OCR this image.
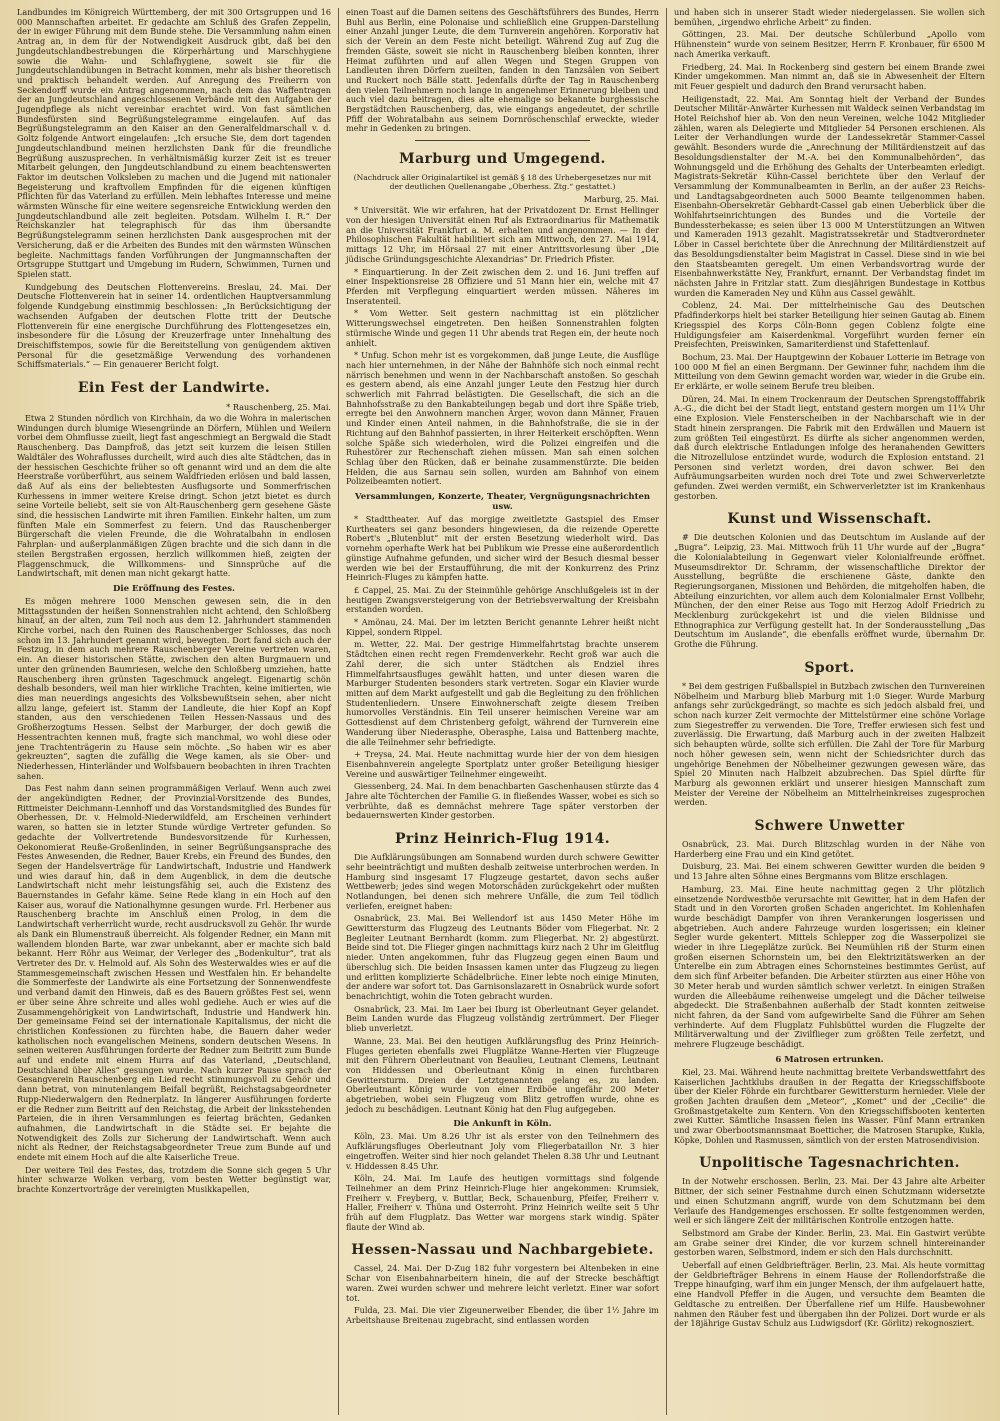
Landbundes im Königreich Württemberg, der mit 300 Ortsgruppen und 16 000 Mannschaften arbeitet. Er gedachte am Schluß des Grafen Zeppelin, der in ewiger Führung mit dem Bunde stehe. Die Versammlung nahm einen Antrag an, in dem für der Notwendigkeit Ausdruck gibt, daß bei den Jungdeutschlandbestrebungen die Körperhärtung und Marschhygiene sowie die Wahn- und Schlafhygiene, soweit sie für die Jungdeutschlandübungen in Betracht kommen, mehr als bisher theoretisch und praktisch behandelt werden. Auf Anregung des Freiherrn von Seckendorff wurde ein Antrag angenommen, nach dem das Waffentragen der an Jungdeutschland angeschlossenen Verbände mit den Aufgaben der Jugendpflege als nicht vereinbar erachtet wird. Von fast sämtlichen Bundesfürsten sind Begrüßungstelegramme eingelaufen. Auf das Begrüßungstelegramm an den Kaiser an den Generalfeldmarschall v. d. Goltz folgende Antwort eingelaufen: „Ich ersuche Sie, dem dort tagenden Jungdeutschlandbund meinen herzlichsten Dank für die freundliche Begrüßung auszusprechen. In verhältnismäßig kurzer Zeit ist es treuer Mitarbeit gelungen, den Jungdeutschlandbund zu einem beachtenswerten Faktor im deutschen Volksleben zu machen und die Jugend mit nationaler Begeisterung und kraftvollem Empfinden für die eigenen künftigen Pflichten für das Vaterland zu erfüllen. Mein lebhaftes Interesse und meine wärmsten Wünsche für eine weitere segensreiche Entwicklung werden den Jungdeutschlandbund alle zeit begleiten. Potsdam. Wilhelm I. R.“ Der Reichskanzler hat telegraphisch für das ihm übersandte Begrüßungstelegramm seinen herzlichsten Dank ausgesprochen mit der Versicherung, daß er die Arbeiten des Bundes mit den wärmsten Wünschen begleite. Nachmittags fanden Vorführungen der Jungmannschaften der Ortsgruppe Stuttgart und Umgebung im Rudern, Schwimmen, Turnen und Spielen statt.

Kundgebung des Deutschen Flottenvereins. Breslau, 24. Mai. Der Deutsche Flottenverein hat in seiner 14. ordentlichen Hauptversammlung folgende Kundgebung einstimmig beschlossen: „In Berücksichtigung der wachsenden Aufgaben der deutschen Flotte tritt der Deutsche Flottenverein für eine energische Durchführung des Flottengesetzes ein, insbesondere für die Lösung der Kreuzerfrage unter Innehaltung des Dreischiffstempos, sowie für die Bereitstellung von genügendem aktiven Personal für die gesetzmäßige Verwendung des vorhandenen Schiffsmaterials.“ — Ein genauerer Bericht folgt.

Ein Fest der Landwirte.
* Rauschenberg, 25. Mai.

Etwa 2 Stunden nördlich von Kirchhain, da wo die Wohra in malerischen Windungen durch blumige Wiesengründe an Dörfern, Mühlen und Weilern vorbei dem Ohmflusse zueilt, liegt fast angeschmiegt an Bergwald die Stadt Rauschenberg. Das Dampfroß, das jetzt seit kurzem die leisen Stillen Waldtäler des Wohraflusses durcheilt, wird auch dies alte Städtchen, das in der hessischen Geschichte früher so oft genannt wird und an dem die alte Heerstraße vorüberführt, aus seinem Waldfrieden erlösen und bald lassen, daß Auf als eins der beliebtesten Ausflugsorte und Sommerfrischen Kurhessens in immer weitere Kreise dringt. Schon jetzt bietet es durch seine Vorteile beliebt, seit sie von Alt-Rauschenberg gern gesehene Gäste sind, die hessischen Landwirte mit ihren Familien. Einkehr halten, um zum fünften Male ein Sommerfest zu feiern. Und das Rauschenberger Bürgerschaft die vielen Freunde, die die Wohratalbahn in endlosen Fahrplan- und außerplanmäßigen Zügen brachte und die sich dann in die steilen Bergstraßen ergossen, herzlich willkommen hieß, zeigten der Flaggenschmuck, die Willkommens- und Sinnsprüche auf die Landwirtschaft, mit denen man nicht gekargt hatte.

Die Eröffnung des Festes.

Es mögen mehrere 1000 Menschen gewesen sein, die in den Mittagsstunden der heißen Sonnenstrahlen nicht achtend, den Schloßberg hinauf, an der alten, zum Teil noch aus dem 12. Jahrhundert stammenden Kirche vorbei, nach den Ruinen des Rauschenberger Schlosses, das noch schon im 13. Jahrhundert genannt wird, bewegten. Dort fand sich auch der Festzug, in dem auch mehrere Rauschenberger Vereine vertreten waren, ein. An dieser historischen Stätte, zwischen den alten Burgmauern und unter den grünenden Baumriesen, welche den Schloßberg umziehen, hatte Rauschenberg ihren grünsten Tageschmuck angelegt. Eigenartig schön deshalb besonders, weil man hier wirkliche Trachten, keine imitierten, wie dies man neuerdings angesichts des Volksbewußtsein sehen, aber nicht allzu lange, gefeiert ist. Stamm der Landleute, die hier Kopf an Kopf standen, aus den verschiedenen Teilen Hessen-Nassaus und des Großherzogtums Hessen. Selbst der Marburger, der doch gewiß die Hessentrachten kennen muß, fragte sich manchmal, wo wohl diese oder jene Trachtenträgerin zu Hause sein möchte. „So haben wir es aber gekreuzten“, sagten die zufällig die Wege kamen, als sie Ober- und Niederhessen, Hinterländer und Wolfsbauern beobachten in ihren Trachten sahen.

Das Fest nahm dann seinen programmäßigen Verlauf. Wenn auch zwei der angekündigten Redner, der Provinzial-Vorsitzende des Bundes, Rittmeister Deichmann-Lennhoff und das Vorstandsmitglied des Bundes für Oberhessen, Dr. v. Helmold-Niederwildfeld, am Erscheinen verhindert waren, so hatten sie in letzter Stunde würdige Vertreter gefunden. So gedachte der Vollvertretende Bundesvorsitzende für Kurhessen, Oekonomierat Reuße-Großenlinden, in seiner Begrüßungsansprache des Festes Anwesenden, die Redner, Bauer Krebs, ein Freund des Bundes, den Segen der Handelsverträge für Landwirtschaft, Industrie und Handwerk und wies darauf hin, daß in dem Augenblick, in dem die deutsche Landwirtschaft nicht mehr leistungsfähig sei, auch die Existenz des Bauernstandes in Gefahr käme. Seine Rede klang in ein Hoch auf den Kaiser aus, worauf die Nationalhymne gesungen wurde. Frl. Herbener aus Rauschenberg brachte im Anschluß einen Prolog, in dem die Landwirtschaft verherrlicht wurde, recht ausdrucksvoll zu Gehör. Ihr wurde als Dank ein Blumenstrauß überreicht. Als folgender Redner, ein Mann mit wallendem blonden Barte, war zwar unbekannt, aber er machte sich bald bekannt. Herr Röhr aus Weimar, der Verleger des „Bodenkultur“, trat als Vertreter des Dr. v. Helmold auf. Als Sohn des Westerwaldes wies er auf die Stammesgemeinschaft zwischen Hessen und Westfalen hin. Er behandelte die Sommerfeste der Landwirte als eine Fortsetzung der Sonnenwendfeste und verband damit den Hinweis, daß es des Bauern größtes Fest sei, wenn er über seine Ähre schreite und alles wohl gediehe. Auch er wies auf die Zusammengehörigkeit von Landwirtschaft, Industrie und Handwerk hin. Der gemeinsame Feind sei der internationale Kapitalismus, der nicht die christlichen Konfessionen zu fürchten habe, die Bauern daher weder katholischen noch evangelischen Meinens, sondern deutschen Wesens. In seinen weiteren Ausführungen forderte der Redner zum Beitritt zum Bunde auf und endete mit einem Hurra auf das Vaterland, „Deutschland, Deutschland über Alles“ gesungen wurde. Nach kurzer Pause sprach der Gesangverein Rauschenberg ein Lied recht stimmungsvoll zu Gehör und dann betrat, von minutenlangem Beifall begrüßt, Reichstagsabgeordneter Rupp-Niederwalgern den Rednerplatz. In längerer Ausführungen forderte er die Redner zum Beitritt auf den Reichstag, die Arbeit der linksstehenden Parteien, die in ihren Versammlungen es feiertag brächten, Gedanken aufnahmen, die Landwirtschaft in die Städte sei. Er bejahte die Notwendigkeit des Zolls zur Sicherung der Landwirtschaft. Wenn auch nicht als Redner, der Reichstagsabgeordneter Treue zum Bunde auf und endete mit einem Hoch auf die alte Kaiserliche Treue.

Der weitere Teil des Festes, das, trotzdem die Sonne sich gegen 5 Uhr hinter schwarze Wolken verbarg, vom besten Wetter begünstigt war, brachte Konzertvorträge der vereinigten Musikkapellen,

einen Toast auf die Damen seitens des Geschäftsführers des Bundes, Herrn Buhl aus Berlin, eine Polonaise und schließlich eine Gruppen-Darstellung einer Anzahl junger Leute, die dem Turnverein angehören. Korporativ hat sich der Verein an dem Feste nicht beteiligt. Während Zug auf Zug die fremden Gäste, soweit sie nicht in Rauschenberg bleiben konnten, ihrer Heimat zuführten und auf allen Wegen und Stegen Gruppen von Landleuten ihren Dörfern zueilten, fanden in den Tanzsälen von Seibert und Ruckert noch Bälle statt. Jedenfalls dürfte der Tag in Rauschenberg den vielen Teilnehmern noch lange in angenehmer Erinnerung bleiben und auch viel dazu beitragen, dies alte ehemalige so bekannte burghessische Bergstädtchen Rauschenberg, das, wie eingangs angedeutet, der schrille Pfiff der Wohratalbahn aus seinem Dornröschenschlaf erweckte, wieder mehr in Gedenken zu bringen.

Marburg und Umgegend.

(Nachdruck aller Originalartikel ist gemäß § 18 des Urhebergesetzes nur mit der deutlichen Quellenangabe „Oberhess. Ztg.“ gestattet.)

Marburg, 25. Mai.

* Universität. Wie wir erfahren, hat der Privatdozent Dr. Ernst Hellinger von der hiesigen Universität einen Ruf als Extraordinarius für Mathematik an die Universität Frankfurt a. M. erhalten und angenommen. — In der Philosophischen Fakultät habilitiert sich am Mittwoch, den 27. Mai 1914, mittags 12 Uhr, im Hörsaal 27 mit einer Antrittsvorlesung über „Die jüdische Gründungsgeschichte Alexandrias“ Dr. Friedrich Pfister.

* Einquartierung. In der Zeit zwischen dem 2. und 16. Juni treffen auf einer Inspektionsreise 28 Offiziere und 51 Mann hier ein, welche mit 47 Pferden mit Verpflegung einquartiert werden müssen. Näheres im Inseratenteil.

* Vom Wetter. Seit gestern nachmittag ist ein plötzlicher Witterungswechsel eingetreten. Den heißen Sonnenstrahlen folgten stürmische Winde und gegen 11 Uhr abends trat Regen ein, der heute noch anhielt.

* Unfug. Schon mehr ist es vorgekommen, daß junge Leute, die Ausflüge nach hier unternehmen, in der Nähe der Bahnhöfe sich noch einmal recht närrisch benehmen und wenn in der Nachbarschaft anstoßen. So geschah es gestern abend, als eine Anzahl junger Leute den Festzug hier durch schwerlich mit Fahrrad belästigten. Die Gesellschaft, die sich an die Bahnhofsstraße zu den Bankabteilungen begab und dort ihre Späße trieb, erregte bei den Anwohnern manchen Ärger, wovon dann Männer, Frauen und Kinder einen Anteil nahmen, in die Bahnhofstraße, die sie in der Richtung auf den Bahnhof passierten, in ihrer Heiterkeit erschöpften. Wenn solche Späße sich wiederholen, wird die Polizei eingreifen und die Ruhestörer zur Rechenschaft ziehen müssen. Man sah einen solchen Schlag über den Rücken, daß er beinahe zusammenstürzte. Die beiden Helden, die aus Sarnau sein sollen, wurden am Bahnhof von einem Polizeibeamten notiert.

Versammlungen, Konzerte, Theater, Vergnügungsnachrichten usw.

* Stadttheater. Auf das morgige zweitletzte Gastspiel des Emser Kurtheaters sei ganz besonders hingewiesen, da die reizende Operette Robert's „Blutenblut“ mit der ersten Besetzung wiederholt wird. Das vornehm operhafte Werk hat bei Publikum wie Presse eine außerordentlich günstige Aufnahme gefunden, und sicher wird der Besuch diesmal besser werden wie bei der Erstaufführung, die mit der Konkurrenz des Prinz Heinrich-Fluges zu kämpfen hatte.

£ Cappel, 25. Mai. Zu der Steinmühle gehörige Anschlußgeleis ist in der heutigen Zwangsversteigerung von der Betriebsverwaltung der Kreisbahn erstanden worden.

* Amönau, 24. Mai. Der im letzten Bericht genannte Lehrer heißt nicht Kippel, sondern Rippel.

m. Wetter, 22. Mai. Der gestrige Himmelfahrtstag brachte unserem Städtchen einen recht regen Fremdenverkehr. Recht groß war auch die Zahl derer, die sich unter Städtchen als Endziel ihres Himmelfahrtsausfluges gewählt hatten, und unter diesen waren die Marburger Studenten besonders stark vertreten. Sogar ein Klavier wurde mitten auf dem Markt aufgestellt und gab die Begleitung zu den fröhlichen Studentenliedern. Unsere Einwohnerschaft zeigte diesem Treiben humorvolles Verständnis. Ein Teil unserer heimischen Vereine war am Gottesdienst auf dem Christenberg gefolgt, während der Turnverein eine Wanderung über Niederasphe, Oberasphe, Laisa und Battenberg machte, die alle Teilnehmer sehr befriedigte.

+ Treysa, 24. Mai. Heute nachmittag wurde hier der von dem hiesigen Eisenbahnverein angelegte Sportplatz unter großer Beteiligung hiesiger Vereine und auswärtiger Teilnehmer eingeweiht.

Giessenberg, 24. Mai. In dem benachbarten Gaschenhausen stürzte das 4 Jahre alte Töchterchen der Familie G. in fließendes Wasser, wobei es sich so verbrühte, daß es demnächst mehrere Tage später verstorben der bedauernswerten Kinder gestorben.

Prinz Heinrich-Flug 1914.

Die Aufklärungsübungen am Sonnabend wurden durch schwere Gewitter sehr beeinträchtigt und mußten deshalb zeitweise unterbrochen werden. In Hamburg sind insgesamt 17 Flugzeuge gestartet, davon sechs außer Wettbewerb; jedes sind wegen Motorschäden zurückgekehrt oder mußten Notlandungen, bei denen sich mehrere Unfälle, die zum Teil tödlich verliefen, ereignet haben:

Osnabrück, 23. Mai. Bei Wellendorf ist aus 1450 Meter Höhe im Gewittersturm das Flugzeug des Leutnants Böder vom Fliegerbat. Nr. 2 Begleiter Leutnant Bernhardt (komm. zum Fliegerbat. Nr. 2) abgestürzt. Beide sind tot. Die Flieger gingen nachmittags kurz nach 2 Uhr im Gleitflug nieder. Unten angekommen, fuhr das Flugzeug gegen einen Baum und überschlug sich. Die beiden Insassen kamen unter das Flugzeug zu liegen und erlitten komplizierte Schädelbrüche. Einer lebte noch einige Minuten, der andere war sofort tot. Das Garnisonslazarett in Osnabrück wurde sofort benachrichtigt, wohin die Toten gebracht wurden.

Osnabrück, 23. Mai. Im Laer bei Iburg ist Oberleutnant Geyer gelandet. Beim Landen wurde das Flugzeug vollständig zertrümmert. Der Flieger blieb unverletzt.

Wanne, 23. Mai. Bei den heutigen Aufklärungsflug des Prinz Heinrich-Fluges gerieten ebenfalls zwei Flugplätze Wanne-Herten vier Flugzeuge mit den Führern Oberleutnant von Beaulieu, Leutnant Clemens, Leutnant von Hiddessen und Oberleutnant König in einen furchtbaren Gewittersturm. Dreien der Letztgenannten gelang es, zu landen. Oberleutnant König wurde von einer Erdböe ungefähr 200 Meter abgetrieben, wobei sein Flugzeug vom Blitz getroffen wurde, ohne es jedoch zu beschädigen. Leutnant König hat den Flug aufgegeben.

Die Ankunft in Köln.

Köln, 23. Mai. Um 8.26 Uhr ist als erster von den Teilnehmern des Aufklärungsfluges Oberleutnant Joly vom Fliegerbataillon Nr. 3 hier eingetroffen. Weiter sind hier noch gelandet Thelen 8.38 Uhr und Leutnant v. Hiddessen 8.45 Uhr.

Köln, 24. Mai. Im Laufe des heutigen vormittags sind folgende Teilnehmer an dem Prinz Heinrich-Fluge hier angekommen: Krumsiek, Freiherr v. Freyberg, v. Buttlar, Beck, Schauenburg, Pfeifer, Freiherr v. Haller, Freiherr v. Thüna und Osterroht. Prinz Heinrich weilte seit 5 Uhr früh auf dem Flugplatz. Das Wetter war morgens stark windig. Später flaute der Wind ab.

Hessen-Nassau und Nachbargebiete.

Cassel, 24. Mai. Der D-Zug 182 fuhr vorgestern bei Altenbeken in eine Schar von Eisenbahnarbeitern hinein, die auf der Strecke beschäftigt waren. Zwei wurden schwer und mehrere leicht verletzt. Einer war sofort tot.

Fulda, 23. Mai. Die vier Zigeunerweiber Ebender, die über 1½ Jahre im Arbeitshause Breitenau zugebracht, sind entlassen worden

und haben sich in unserer Stadt wieder niedergelassen. Sie wollen sich bemühen, „irgendwo ehrliche Arbeit“ zu finden.

Göttingen, 23. Mai. Der deutsche Schülerbund „Apollo vom Hühnenstein“ wurde von seinem Besitzer, Herrn F. Kronbauer, für 6500 M nach Amerika verkauft.

Friedberg, 24. Mai. In Rockenberg sind gestern bei einem Brande zwei Kinder umgekommen. Man nimmt an, daß sie in Abwesenheit der Eltern mit Feuer gespielt und dadurch den Brand verursacht haben.

Heiligenstadt, 22. Mai. Am Sonntag hielt der Verband der Bundes Deutscher Militär-Anwärter Kurhessen mit Waldeck seinen Verbandstag im Hotel Reichshof hier ab. Von den neun Vereinen, welche 1042 Mitglieder zählen, waren als Delegierte und Mitglieder 54 Personen erschienen. Als Leiter der Verhandlungen wurde der Landessekretär Stammer-Cassel gewählt. Besonders wurde die „Anrechnung der Militärdienstzeit auf das Besoldungsdienstalter der M.-A. bei den Kommunalbehörden“, das Wohnungsgeld und die Erhöhung des Gehalts der Unterbeamten erledigt. Magistrats-Sekretär Kühn-Cassel berichtete über den Verlauf der Versammlung der Kommunalbeamten in Berlin, an der außer 23 Reichs- und Landtagsabgeordneten auch 5000 Beamte teilgenommen haben. Eisenbahn-Obersekretär Gebhardt-Cassel gab einen Ueberblick über die Wohlfahrtseinrichtungen des Bundes und die Vorteile der Bundessterbekasse; es seien über 13 000 M Unterstützungen an Witwen und Kameraden 1913 gezahlt. Magistratssekretär und Stadtverordneter Löber in Cassel berichtete über die Anrechnung der Militärdienstzeit auf das Besoldungsdienstalter beim Magistrat in Cassel. Diese sind in wie bei den Staatsbeamten geregelt. Um einen Verbandsvortrag wurde der Eisenbahnwerkstätte Ney, Frankfurt, ernannt. Der Verbandstag findet im nächsten Jahre in Fritzlar statt. Zum diesjährigen Bundestage in Kottbus wurden die Kameraden Ney und Kühn aus Cassel gewählt.

Coblenz, 24. Mai. Der mittelrheinische Gau des Deutschen Pfadfinderkorps hielt bei starker Beteiligung hier seinen Gautag ab. Einem Kriegsspiel des Korps Cöln-Bonn gegen Coblenz folgte eine Huldigungsfeier am Kaiserdenkmal. Vorgeführt wurden ferner ein Preisfechten, Preiswinken, Samariterdienst und Stafettenlauf.

Bochum, 23. Mai. Der Hauptgewinn der Kobauer Lotterie im Betrage von 100 000 M fiel an einen Bergmann. Der Gewinner fuhr, nachdem ihm die Mitteilung von dem Gewinn gemacht worden war, wieder in die Grube ein. Er erklärte, er wolle seinem Berufe treu bleiben.

Düren, 24. Mai. In einem Trockenraum der Deutschen Sprengstofffabrik A.-G., die dicht bei der Stadt liegt, entstand gestern morgen um 11¼ Uhr eine Explosion. Viele Fensterscheiben in der Nachbarschaft wie in der Stadt hinein zersprangen. Die Fabrik mit den Erdwällen und Mauern ist zum größten Teil eingestürzt. Es dürfte als sicher angenommen werden, daß durch elektrische Entladungen infolge des heranahenden Gewitters die Nitrozellulose entzündet wurde, wodurch die Explosion entstand. 21 Personen sind verletzt worden, drei davon schwer. Bei den Aufräumungsarbeiten wurden noch drei Tote und zwei Schwerverletzte gefunden. Zwei werden vermißt, ein Schwerverletzter ist im Krankenhaus gestorben.

Kunst und Wissenschaft.

# Die deutschen Kolonien und das Deutschtum im Auslande auf der „Bugra“. Leipzig, 23. Mai. Mittwoch früh 11 Uhr wurde auf der „Bugra“ die Kolonialabteilung in Gegenwart vieler Kolonialfreunde eröffnet. Museumsdirektor Dr. Schramm, der wissenschaftliche Direktor der Ausstellung, begrüßte die erschienene Gäste, dankte den Regierungsorganen, Missionen und Behörden, die mitgeholfen haben, die Abteilung einzurichten, vor allem auch dem Kolonialmaler Ernst Vollbehr, München, der den einer Reise aus Togo mit Herzog Adolf Friedrich zu Mecklenburg zurückgekehrt ist und die vielen Bildnisse und Ethnographica zur Verfügung gestellt hat. In der Sonderausstellung „Das Deutschtum im Auslande“, die ebenfalls eröffnet wurde, übernahm Dr. Grothe die Führung.

Sport.

* Bei dem gestrigen Fußballspiel in Butzbach zwischen den Turnvereinen Nöbelheim und Marburg blieb Marburg mit 1:0 Sieger. Wurde Marburg anfangs sehr zurückgedrängt, so machte es sich jedoch alsbald frei, und schon nach kurzer Zeit vermochte der Mittelstürmer eine schöne Vorlage zum Siegestreffer zu verwenden. Die Tore, Treffer erwiesen sich fest und zuverlässig. Die Erwartung, daß Marburg auch in der zweiten Halbzeit sich behaupten würde, sollte sich erfüllen. Die Zahl der Tore für Marburg noch höher gewesen sein, wenn nicht der Schiedsrichter durch das ungehörige Benehmen der Nöbelheimer gezwungen gewesen wäre, das Spiel 20 Minuten nach Halbzeit abzubrechen. Das Spiel dürfte für Marburg als gewonnen erklärt und unserer hiesigen Mannschaft zum Meister der Vereine der Nöbelheim an Mittelrheinkreises zugesprochen werden.

Schwere Unwetter

Osnabrück, 23. Mai. Durch Blitzschlag wurden in der Nähe von Harderberg eine Frau und ein Kind getötet.

Duisburg, 23. Mai. Bei einem schweren Gewitter wurden die beiden 9 und 13 Jahre alten Söhne eines Bergmanns vom Blitze erschlagen.

Hamburg, 23. Mai. Eine heute nachmittag gegen 2 Uhr plötzlich einsetzende Nordwestböe verursachte mit Gewitter, hat in dem Hafen der Stadt und in den Vororten großen Schaden angerichtet. Im Kohlenhafen wurde beschädigt Dampfer von ihren Verankerungen losgerissen und abgetrieben. Auch andere Fahrzeuge wurden losgerissen; ein kleiner Segler wurde gekentert. Mittels Schlepper zog die Wasserpolizei sie wieder in ihre Liegeplätze zurück. Bei Neumühlen riß der Sturm einen großen eisernen Schornstein um, bei den Elektrizitätswerken an der Unterelbe ein zum Abtragen eines Schornsteines bestimmtes Gerüst, auf dem sich fünf Arbeiter befanden. Die Arbeiter stürzten aus einer Höhe von 30 Meter herab und wurden sämtlich schwer verletzt. In einigen Straßen wurden die Alleebäume reihenweise umgelegt und die Dächer teilweise abgedeckt. Die Straßenbahnen außerhalb der Stadt konnten zeitweise nicht fahren, da der Sand vom aufgewirbelte Sand die Führer am Sehen verhinderte. Auf dem Flugplatz Fuhlsbüttel wurden die Flugzelte der Militärverwaltung und der Zivilflieger zum größten Teile zerfetzt, und mehrere Flugzeuge beschädigt.

6 Matrosen ertrunken.

Kiel, 23. Mai. Während heute nachmittag breitete Verbandswettfahrt des Kaiserlichen Jachtklubs draußen in der Regatta der Kriegsschiffsboote über der Kieler Föhrde ein furchtbarer Gewittersturm hernieder. Viele der großen Jachten draußen dem „Meteor“, „Komet“ und der „Cecilie“ die Großmastgetakelte zum Kentern. Von den Kriegsschiffsbooten kenterten zwei Kutter. Sämtliche Insassen fielen ins Wasser. Fünf Mann ertranken und zwar Oberbootsmannsmaat Boetticher, die Matrosen Starupke, Kukla, Köpke, Dohlen und Rasmussen, sämtlich von der ersten Matrosendivision.

Unpolitische Tagesnachrichten.

In der Notwehr erschossen. Berlin, 23. Mai. Der 43 Jahre alte Arbeiter Bittner, der sich seiner Festnahme durch einen Schutzmann widersetzte und einen Schutzmann angriff, wurde von dem Schutzmann bei dem Verlaufe des Handgemenges erschossen. Er sollte festgenommen werden, weil er sich längere Zeit der militärischen Kontrolle entzogen hatte.

Selbstmord am Grabe der Kinder. Berlin, 23. Mai. Ein Gastwirt verübte am Grabe seiner drei Kinder, die vor kurzem schnell hintereinander gestorben waren, Selbstmord, indem er sich den Hals durchschnitt.

Ueberfall auf einen Geldbriefträger. Berlin, 23. Mai. Als heute vormittag der Geldbriefträger Behrens in einem Hause der Rollendorfstraße die Treppe hinaufging, warf ihm ein junger Mensch, der ihm aufgelauert hatte, eine Handvoll Pfeffer in die Augen, und versuchte dem Beamten die Geldtasche zu entreißen. Der Überfallene rief um Hilfe. Hausbewohner nahmen den Räuber fest und übergaben ihn der Polizei. Dort wurde er als der 18jährige Gustav Schulz aus Ludwigsdorf (Kr. Görlitz) rekognosziert.
